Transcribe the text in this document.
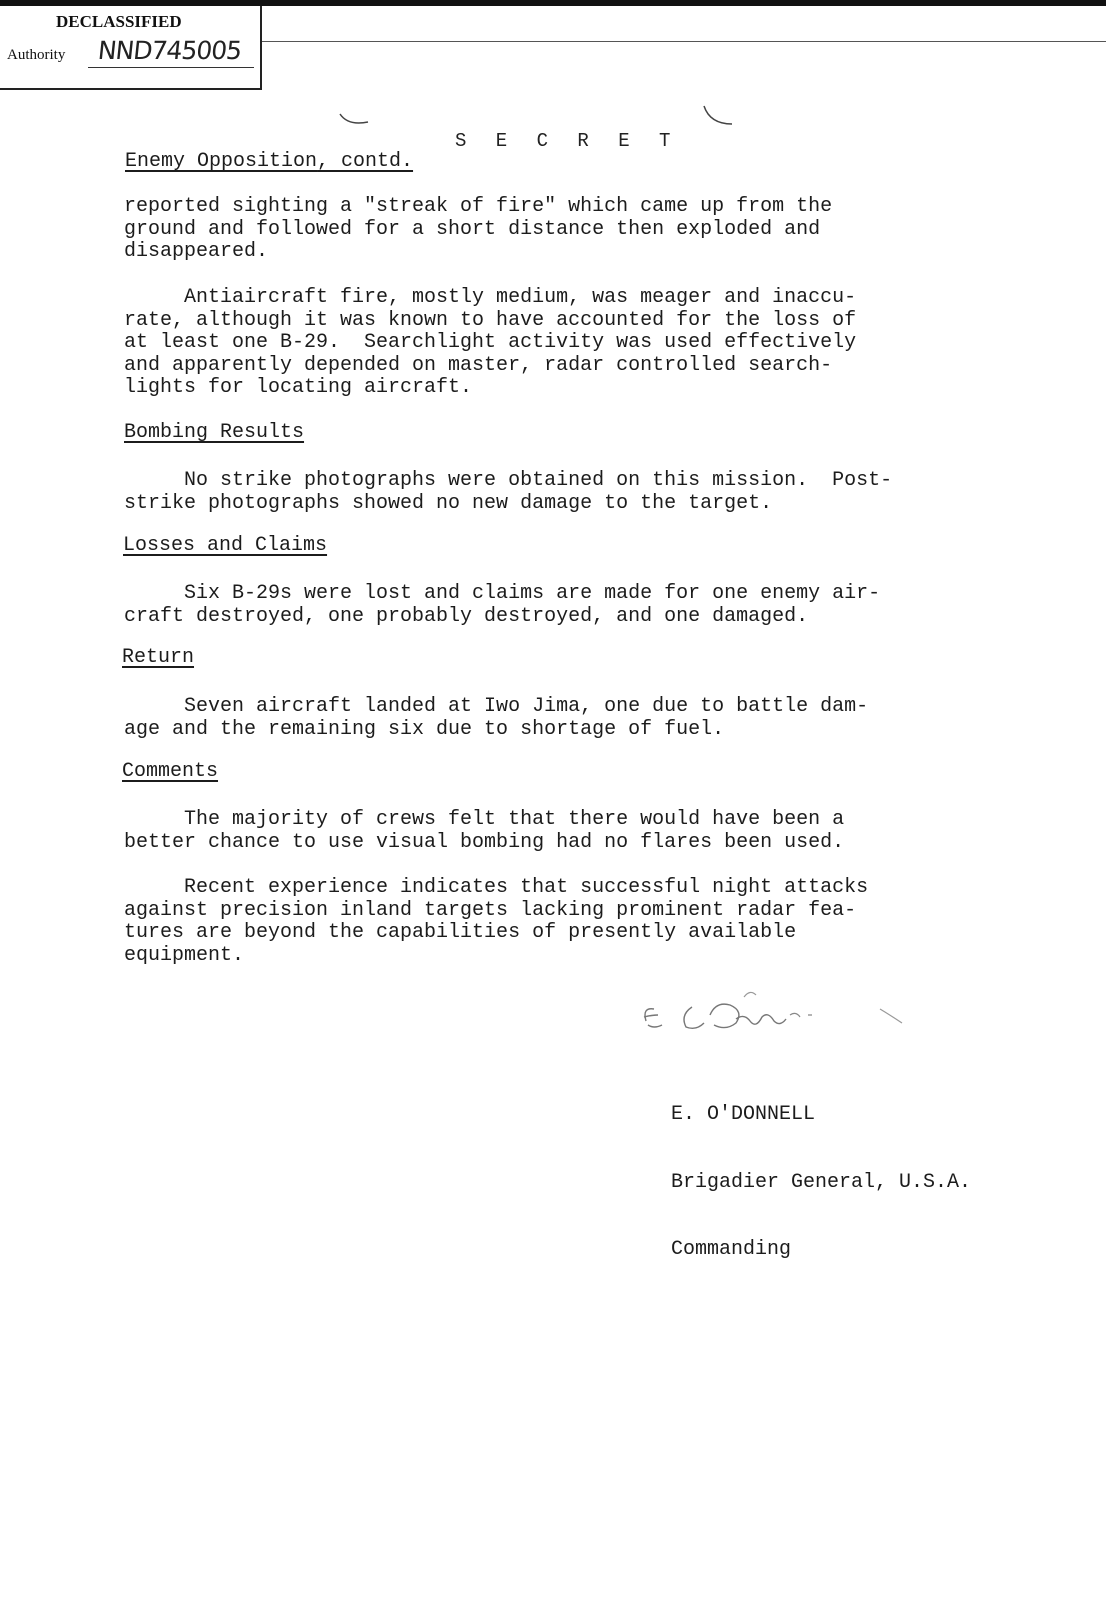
DECLASSIFIED
Authority NND745005
S E C R E T
Enemy Opposition, contd.
reported sighting a "streak of fire" which came up from the
ground and followed for a short distance then exploded and
disappeared.
Antiaircraft fire, mostly medium, was meager and inaccu-
rate, although it was known to have accounted for the loss of
at least one B-29.  Searchlight activity was used effectively
and apparently depended on master, radar controlled search-
lights for locating aircraft.
Bombing Results
No strike photographs were obtained on this mission.  Post-
strike photographs showed no new damage to the target.
Losses and Claims
Six B-29s were lost and claims are made for one enemy air-
craft destroyed, one probably destroyed, and one damaged.
Return
Seven aircraft landed at Iwo Jima, one due to battle dam-
age and the remaining six due to shortage of fuel.
Comments
The majority of crews felt that there would have been a
better chance to use visual bombing had no flares been used.
Recent experience indicates that successful night attacks
against precision inland targets lacking prominent radar fea-
tures are beyond the capabilities of presently available
equipment.

E. O'DONNELL

Brigadier General, U.S.A.

Commanding
